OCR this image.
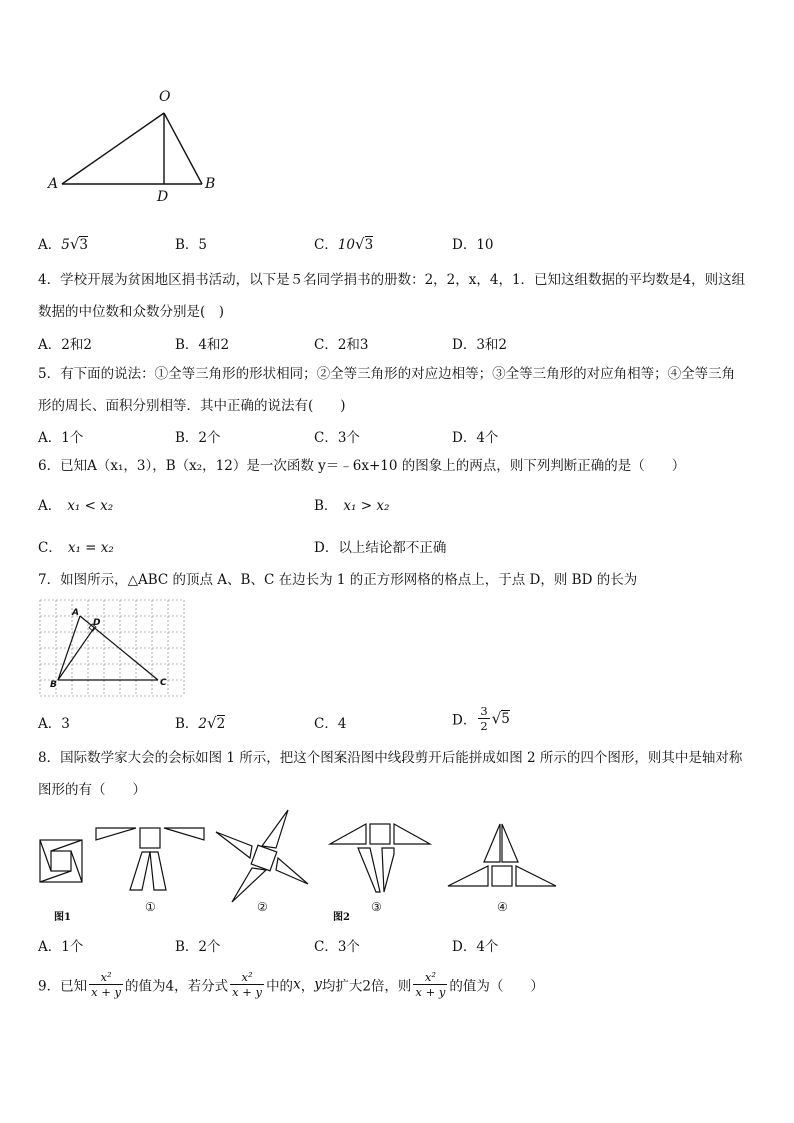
O
A	B
D
A．5√3	B．5	C．10√3	D．10
4．学校开展为贫困地区捐书活动，以下是５名同学捐书的册数：2，2，x，4，1．已知这组数据的平均数是4，则这组
数据的中位数和众数分别是(　)
A．2和2	B．4和2	C．2和3	D．3和2
5．有下面的说法：①全等三角形的形状相同；②全等三角形的对应边相等；③全等三角形的对应角相等；④全等三角
形的周长、面积分别相等．其中正确的说法有(　　)
A．1个	B．2个	C．3个	D．4个
6．已知A（x₁，3），B（x₂，12）是一次函数 y＝﹣6x+10 的图象上的两点，则下列判断正确的是（　　）
A． x₁ < x₂	B． x₁ > x₂
C． x₁ = x₂	D．以上结论都不正确
7．如图所示，△ABC 的顶点 A、B、C 在边长为 1 的正方形网格的格点上，于点 D，则 BD 的长为
A
D
B	C
A．3	B．2√2	C．4	D． $\frac{3}{2} √5$
8．国际数学家大会的会标如图 1 所示，把这个图案沿图中线段剪开后能拼成如图 2 所示的四个图形，则其中是轴对称
图形的有（　　）
图1
①	②
图2
③	④
A．1个	B．2个	C．3个	D．4个
9．已知 $\frac{\text{x²}}{x + y}$ 的值为4，若分式 $\frac{\text{x²}}{x + y}$ 中的x，y均扩大2倍，则 $\frac{\text{x²}}{x + y}$ 的值为（　　）
